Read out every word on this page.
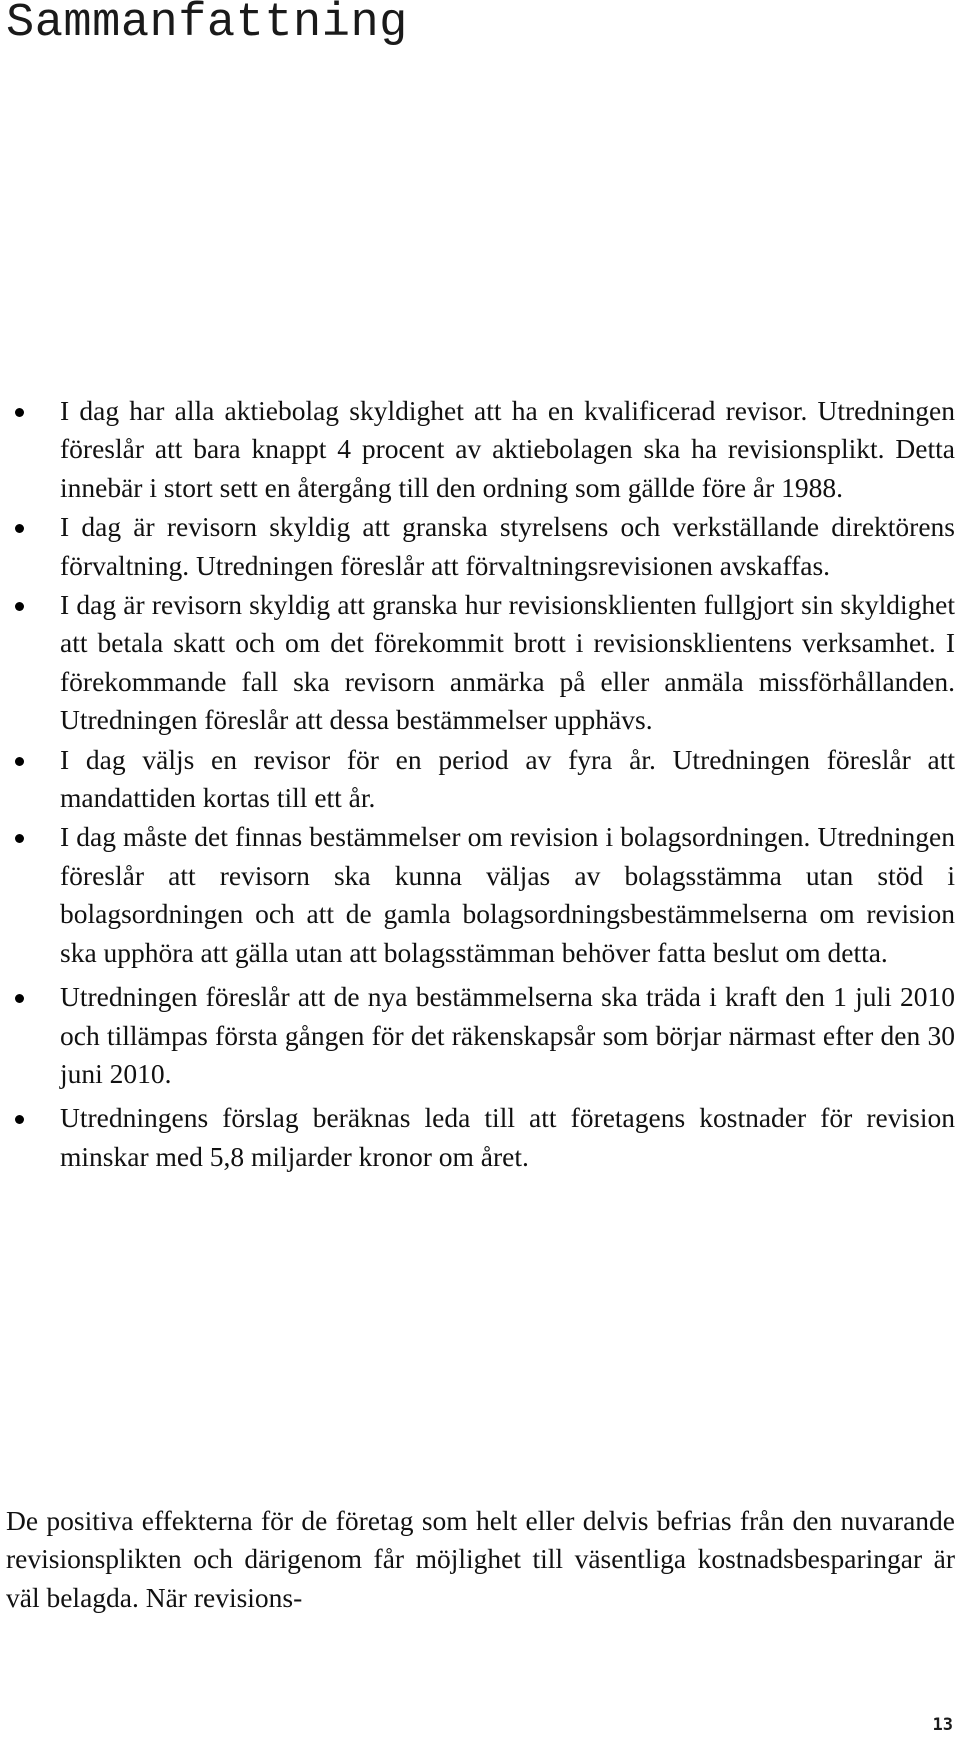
Sammanfattning
I dag har alla aktiebolag skyldighet att ha en kvalificerad revisor. Utredningen föreslår att bara knappt 4 procent av aktiebolagen ska ha revisionsplikt. Detta innebär i stort sett en återgång till den ordning som gällde före år 1988.
I dag är revisorn skyldig att granska styrelsens och verkställande direktörens förvaltning. Utredningen föreslår att förvaltningsrevisionen avskaffas.
I dag är revisorn skyldig att granska hur revisionsklienten fullgjort sin skyldighet att betala skatt och om det förekommit brott i revisionsklientens verksamhet. I förekommande fall ska revisorn anmärka på eller anmäla missförhållanden. Utredningen föreslår att dessa bestämmelser upphävs.
I dag väljs en revisor för en period av fyra år. Utredningen föreslår att mandattiden kortas till ett år.
I dag måste det finnas bestämmelser om revision i bolagsordningen. Utredningen föreslår att revisorn ska kunna väljas av bolagsstämma utan stöd i bolagsordningen och att de gamla bolagsordningsbestämmelserna om revision ska upphöra att gälla utan att bolagsstämman behöver fatta beslut om detta.
Utredningen föreslår att de nya bestämmelserna ska träda i kraft den 1 juli 2010 och tillämpas första gången för det räkenskapsår som börjar närmast efter den 30 juni 2010.
Utredningens förslag beräknas leda till att företagens kostnader för revision minskar med 5,8 miljarder kronor om året.

De positiva effekterna för de företag som helt eller delvis befrias från den nuvarande revisionsplikten och därigenom får möjlighet till väsentliga kostnadsbesparingar är väl belagda. När revisions-

13
